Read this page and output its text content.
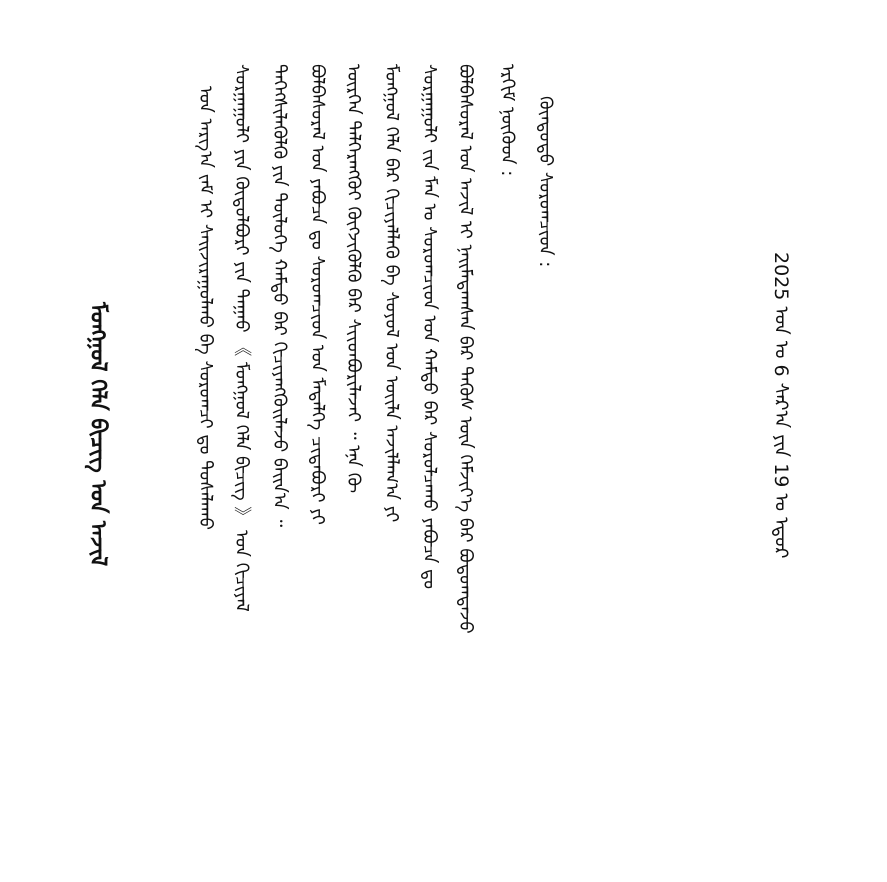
ᠮᠣᠩᠭᠣᠯ ᠬᠡᠯᠡ ᠪᠢᠴᠢᠭ᠌ ᠤᠨ ᠠᠵᠢᠯ	ᠤᠨ ᠠᠷᠭ᠎ᠠ ᠵᠠᠮ ᠢ ᠰᠠᠢᠵᠢᠷᠠᠭᠤᠯᠬᠤ ᠪᠠ ᠰᠤᠷᠤᠭᠴᠢ ᠳᠤ ᠲᠤᠰᠠᠯᠠᠬᠤ ᠰᠤᠷᠭᠠᠭᠤᠯᠢ ᠶᠢᠨ ᠬᠥᠲᠦᠯᠪᠦᠷᠢ ᠶᠢᠨ ᠳᠠᠭᠠᠤ 《 ᠮᠣᠩᠭᠣᠯ ᠬᠡᠯᠡ ᠪᠢᠴᠢᠭ᠌ 》 ᠤᠨ ᠬᠢᠴᠢᠶᠡᠯ ᠳᠡᠭᠡᠭᠰᠢᠯᠡᠭᠦᠯᠬᠦ ᠶᠢᠨ ᠲᠥᠯᠦᠭᠡ ᠬᠠᠮᠲᠤ ᠪᠠᠷ ᠬᠢᠴᠢᠶᠡᠩᠭᠦᠢᠯᠡᠵᠦ ᠪᠠᠢᠨ᠎ᠠ ᠃ ᠪᠣᠯᠪᠠᠰᠤᠷᠠᠯ ᠤᠨ ᠶᠠᠪᠤᠴᠠ ᠳᠤ ᠰᠤᠷᠤᠭᠴᠢᠳ ᠤᠨ ᠮᠡᠳᠡᠯᠭᠡ ᠴᠢᠳᠠᠪᠤᠷᠢ ᠶᠢ ᠥᠷᠭᠡᠨ ᠳᠡᠯᠭᠡᠷᠡᠩᠭᠦᠢ ᠬᠦᠭᠵᠢᠭᠦᠯᠬᠦ ᠪᠠᠷ ᠰᠢᠢᠳᠪᠦᠷᠢᠯᠡᠵᠡᠢ ᠃ ᠡᠨᠡ ᠬᠦ ᠮᠣᠩᠭᠣᠯ ᠬᠡᠯᠡ ᠪᠡᠷ ᠬᠢᠴᠢᠶᠡᠯᠯᠡᠬᠦ ᠪᠠ ᠰᠣᠶᠣᠯ ᠤᠨ ᠦᠢᠯᠡ ᠠᠵᠢᠯᠯᠠᠭ᠎ᠠ ᠶᠢ ᠰᠤᠷᠭᠠᠭᠤᠯᠢ ᠵᠢᠨ ᠮᠠᠨ ᠤ ᠰᠤᠷᠤᠭᠴᠢᠳ ᠤᠨ ᠬᠠᠮᠲᠤ ᠪᠠᠷ ᠰᠤᠷᠤᠯᠴᠠᠬᠤ ᠶᠠᠪᠤᠴᠠ ᠳᠤ ᠪᠣᠯᠪᠠᠰᠤᠷᠠᠯ ᠤᠨ ᠠᠵᠢᠯ ᠢ ᠨᠠᠢᠮᠠᠳᠠᠭᠰᠠᠨ ᠪᠡᠷ ᠲᠡᠭᠦᠰ ᠦᠨ ᠬᠡᠮᠵᠢᠶ᠎ᠡ ᠪᠠᠷ ᠪᠣᠳᠣᠭᠳᠠᠵᠤ ᠡᠷᠬᠢᠮ ᠨᠥᠬᠥᠳ : ᠬᠦᠨᠳᠦᠲᠦ ᠰᠤᠷᠤᠭᠴᠢᠳ :
2025 ᠣᠨ ᠤ 6 ᠰᠠᠷ᠎ᠠ ᠶᠢᠨ 19 ᠤ ᠡᠳᠦᠷ
